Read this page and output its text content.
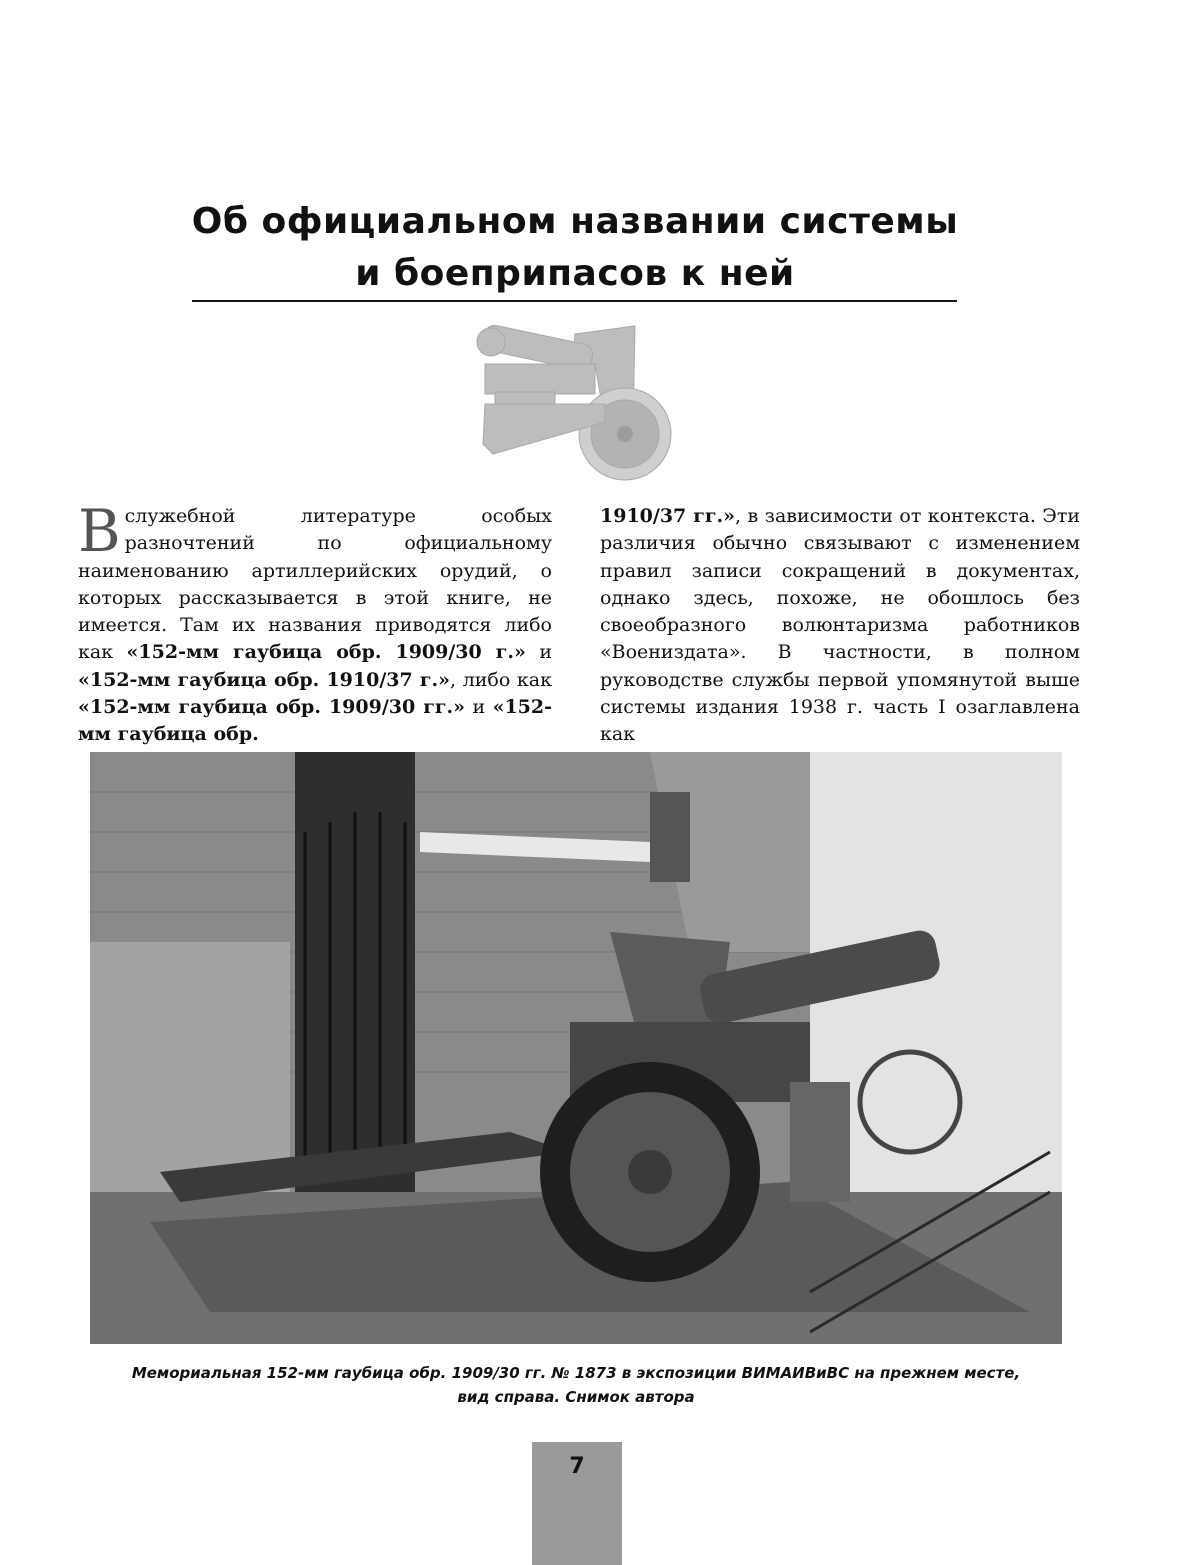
Об официальном названии системы
и боеприпасов к ней

Вслужебной литературе особых разночтений по официальному наименованию артиллерийских орудий, о которых рассказывается в этой книге, не имеется. Там их названия приводятся либо как «152-мм гаубица обр. 1909/30 г.» и «152-мм гаубица обр. 1910/37 г.», либо как «152-мм гаубица обр. 1909/30 гг.» и «152-мм гаубица обр.

1910/37 гг.», в зависимости от контекста. Эти различия обычно связывают с изменением правил записи сокращений в документах, однако здесь, похоже, не обошлось без своеобразного волюнтаризма работников «Воениздата». В частности, в полном руководстве службы первой упомянутой выше системы издания 1938 г. часть I озаглавлена как

Мемориальная 152-мм гаубица обр. 1909/30 гг. № 1873 в экспозиции ВИМАИВиВС на прежнем месте,
вид справа. Снимок автора
7
